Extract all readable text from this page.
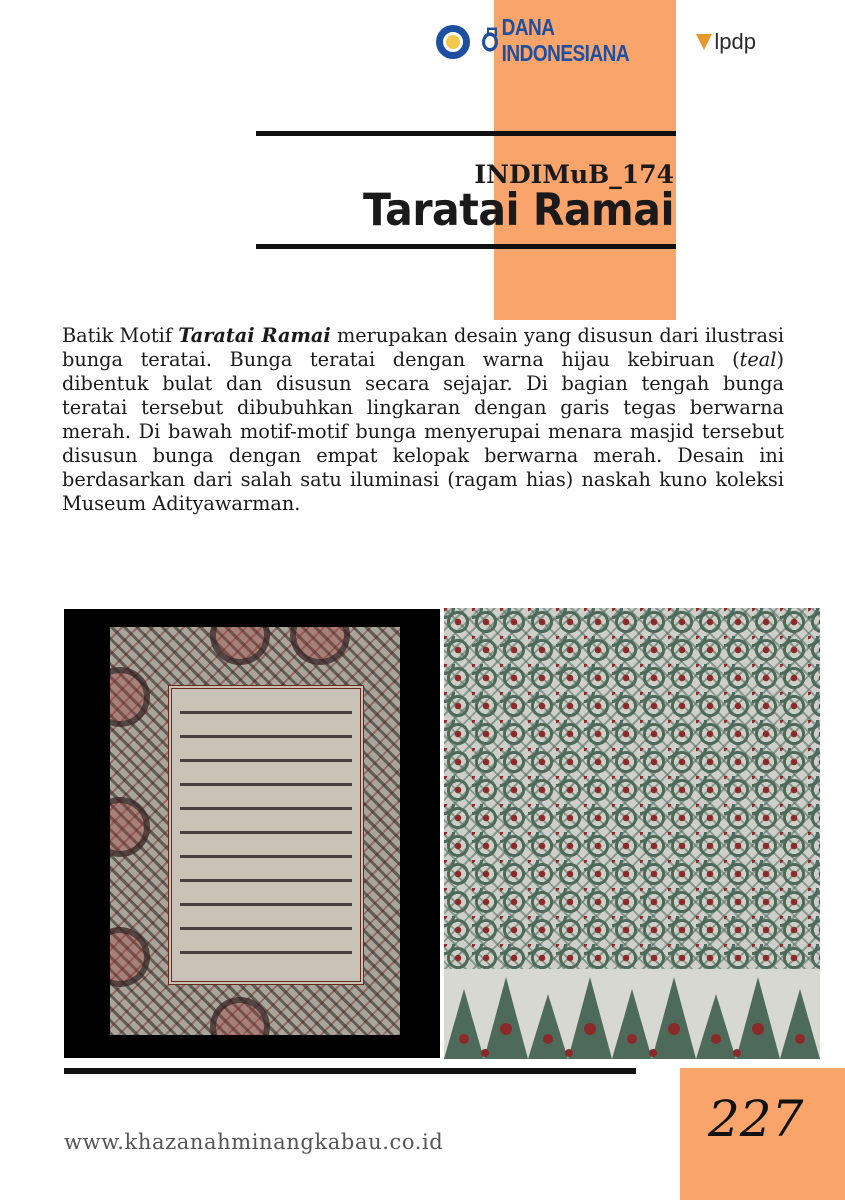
DANA INDONESIANA
lpdp
INDIMuB_174
Taratai Ramai

Batik Motif Taratai Ramai merupakan desain yang disusun dari ilustrasi bunga teratai. Bunga teratai dengan warna hijau kebiruan (teal) dibentuk bulat dan disusun secara sejajar. Di bagian tengah bunga teratai tersebut dibubuhkan lingkaran dengan garis tegas berwarna merah. Di bawah motif-motif bunga menyerupai menara masjid tersebut disusun bunga dengan empat kelopak berwarna merah. Desain ini berdasarkan dari salah satu iluminasi (ragam hias) naskah kuno koleksi Museum Adityawarman.

www.khazanahminangkabau.co.id	227
